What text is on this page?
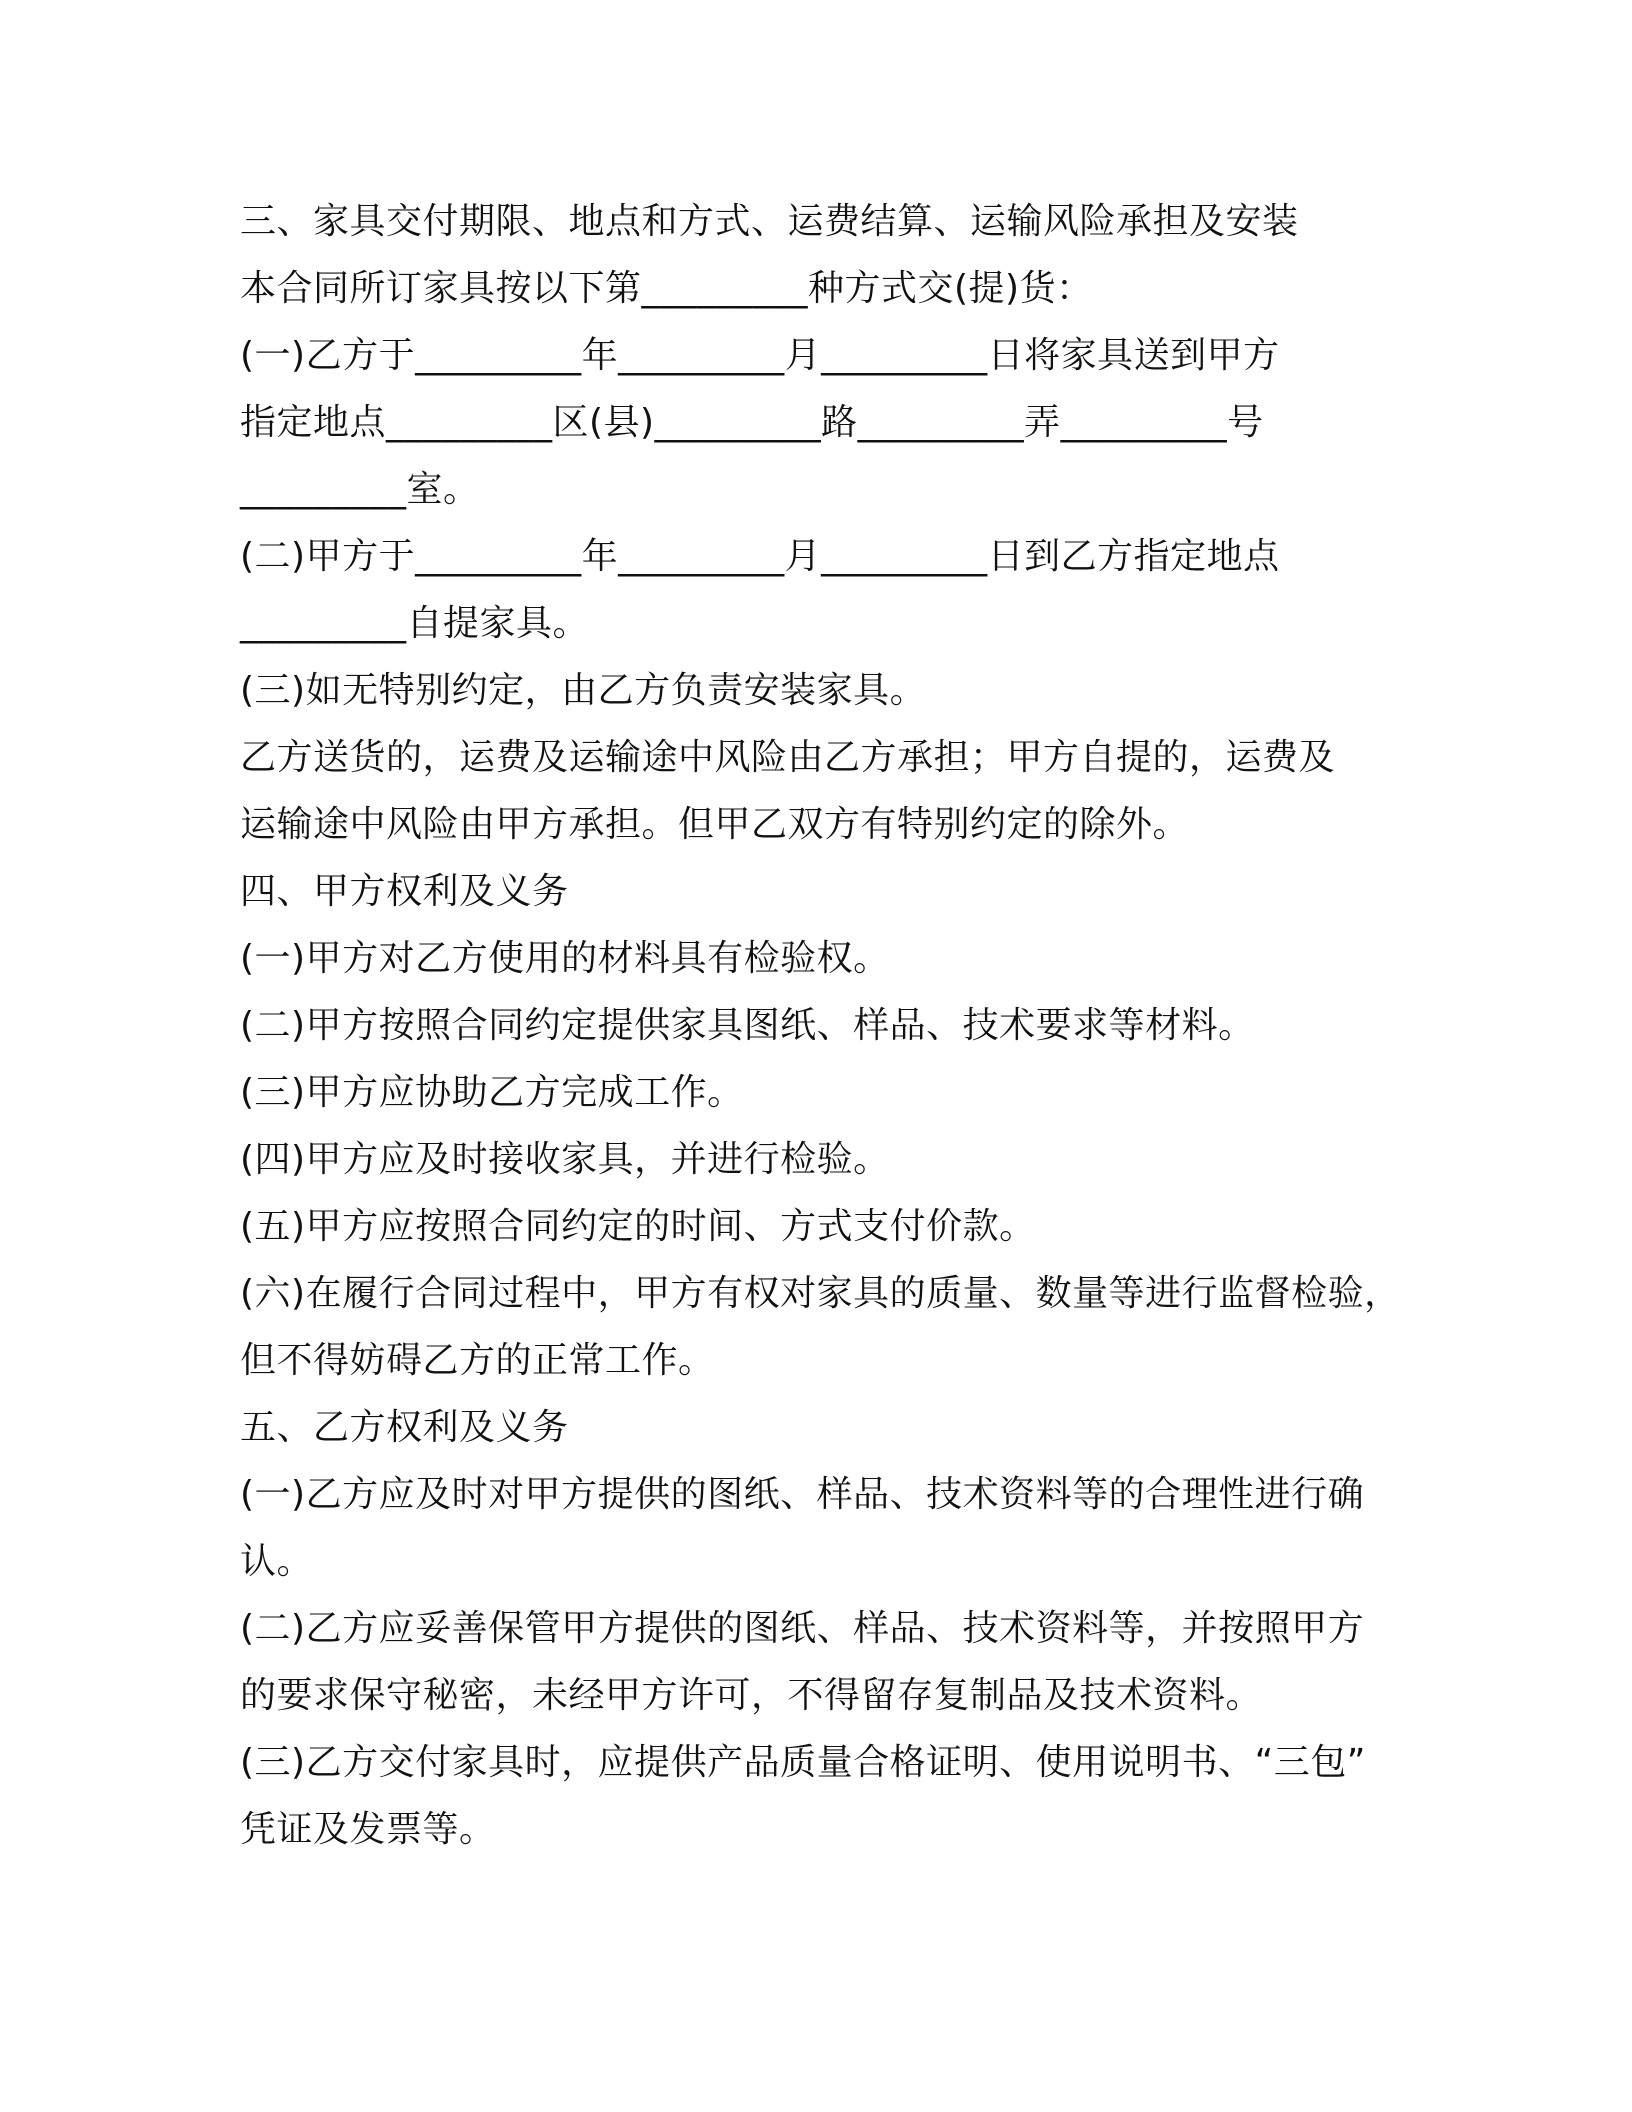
三、家具交付期限、地点和方式、运费结算、运输风险承担及安装
本合同所订家具按以下第_________种方式交(提)货：
(一)乙方于_________年_________月_________日将家具送到甲方
指定地点_________区(县)_________路_________弄_________号
_________室。
(二)甲方于_________年_________月_________日到乙方指定地点
_________自提家具。
(三)如无特别约定，由乙方负责安装家具。
乙方送货的，运费及运输途中风险由乙方承担；甲方自提的，运费及
运输途中风险由甲方承担。但甲乙双方有特别约定的除外。
四、甲方权利及义务
(一)甲方对乙方使用的材料具有检验权。
(二)甲方按照合同约定提供家具图纸、样品、技术要求等材料。
(三)甲方应协助乙方完成工作。
(四)甲方应及时接收家具，并进行检验。
(五)甲方应按照合同约定的时间、方式支付价款。
(六)在履行合同过程中，甲方有权对家具的质量、数量等进行监督检验，
但不得妨碍乙方的正常工作。
五、乙方权利及义务
(一)乙方应及时对甲方提供的图纸、样品、技术资料等的合理性进行确
认。
(二)乙方应妥善保管甲方提供的图纸、样品、技术资料等，并按照甲方
的要求保守秘密，未经甲方许可，不得留存复制品及技术资料。
(三)乙方交付家具时，应提供产品质量合格证明、使用说明书、“三包”
凭证及发票等。
